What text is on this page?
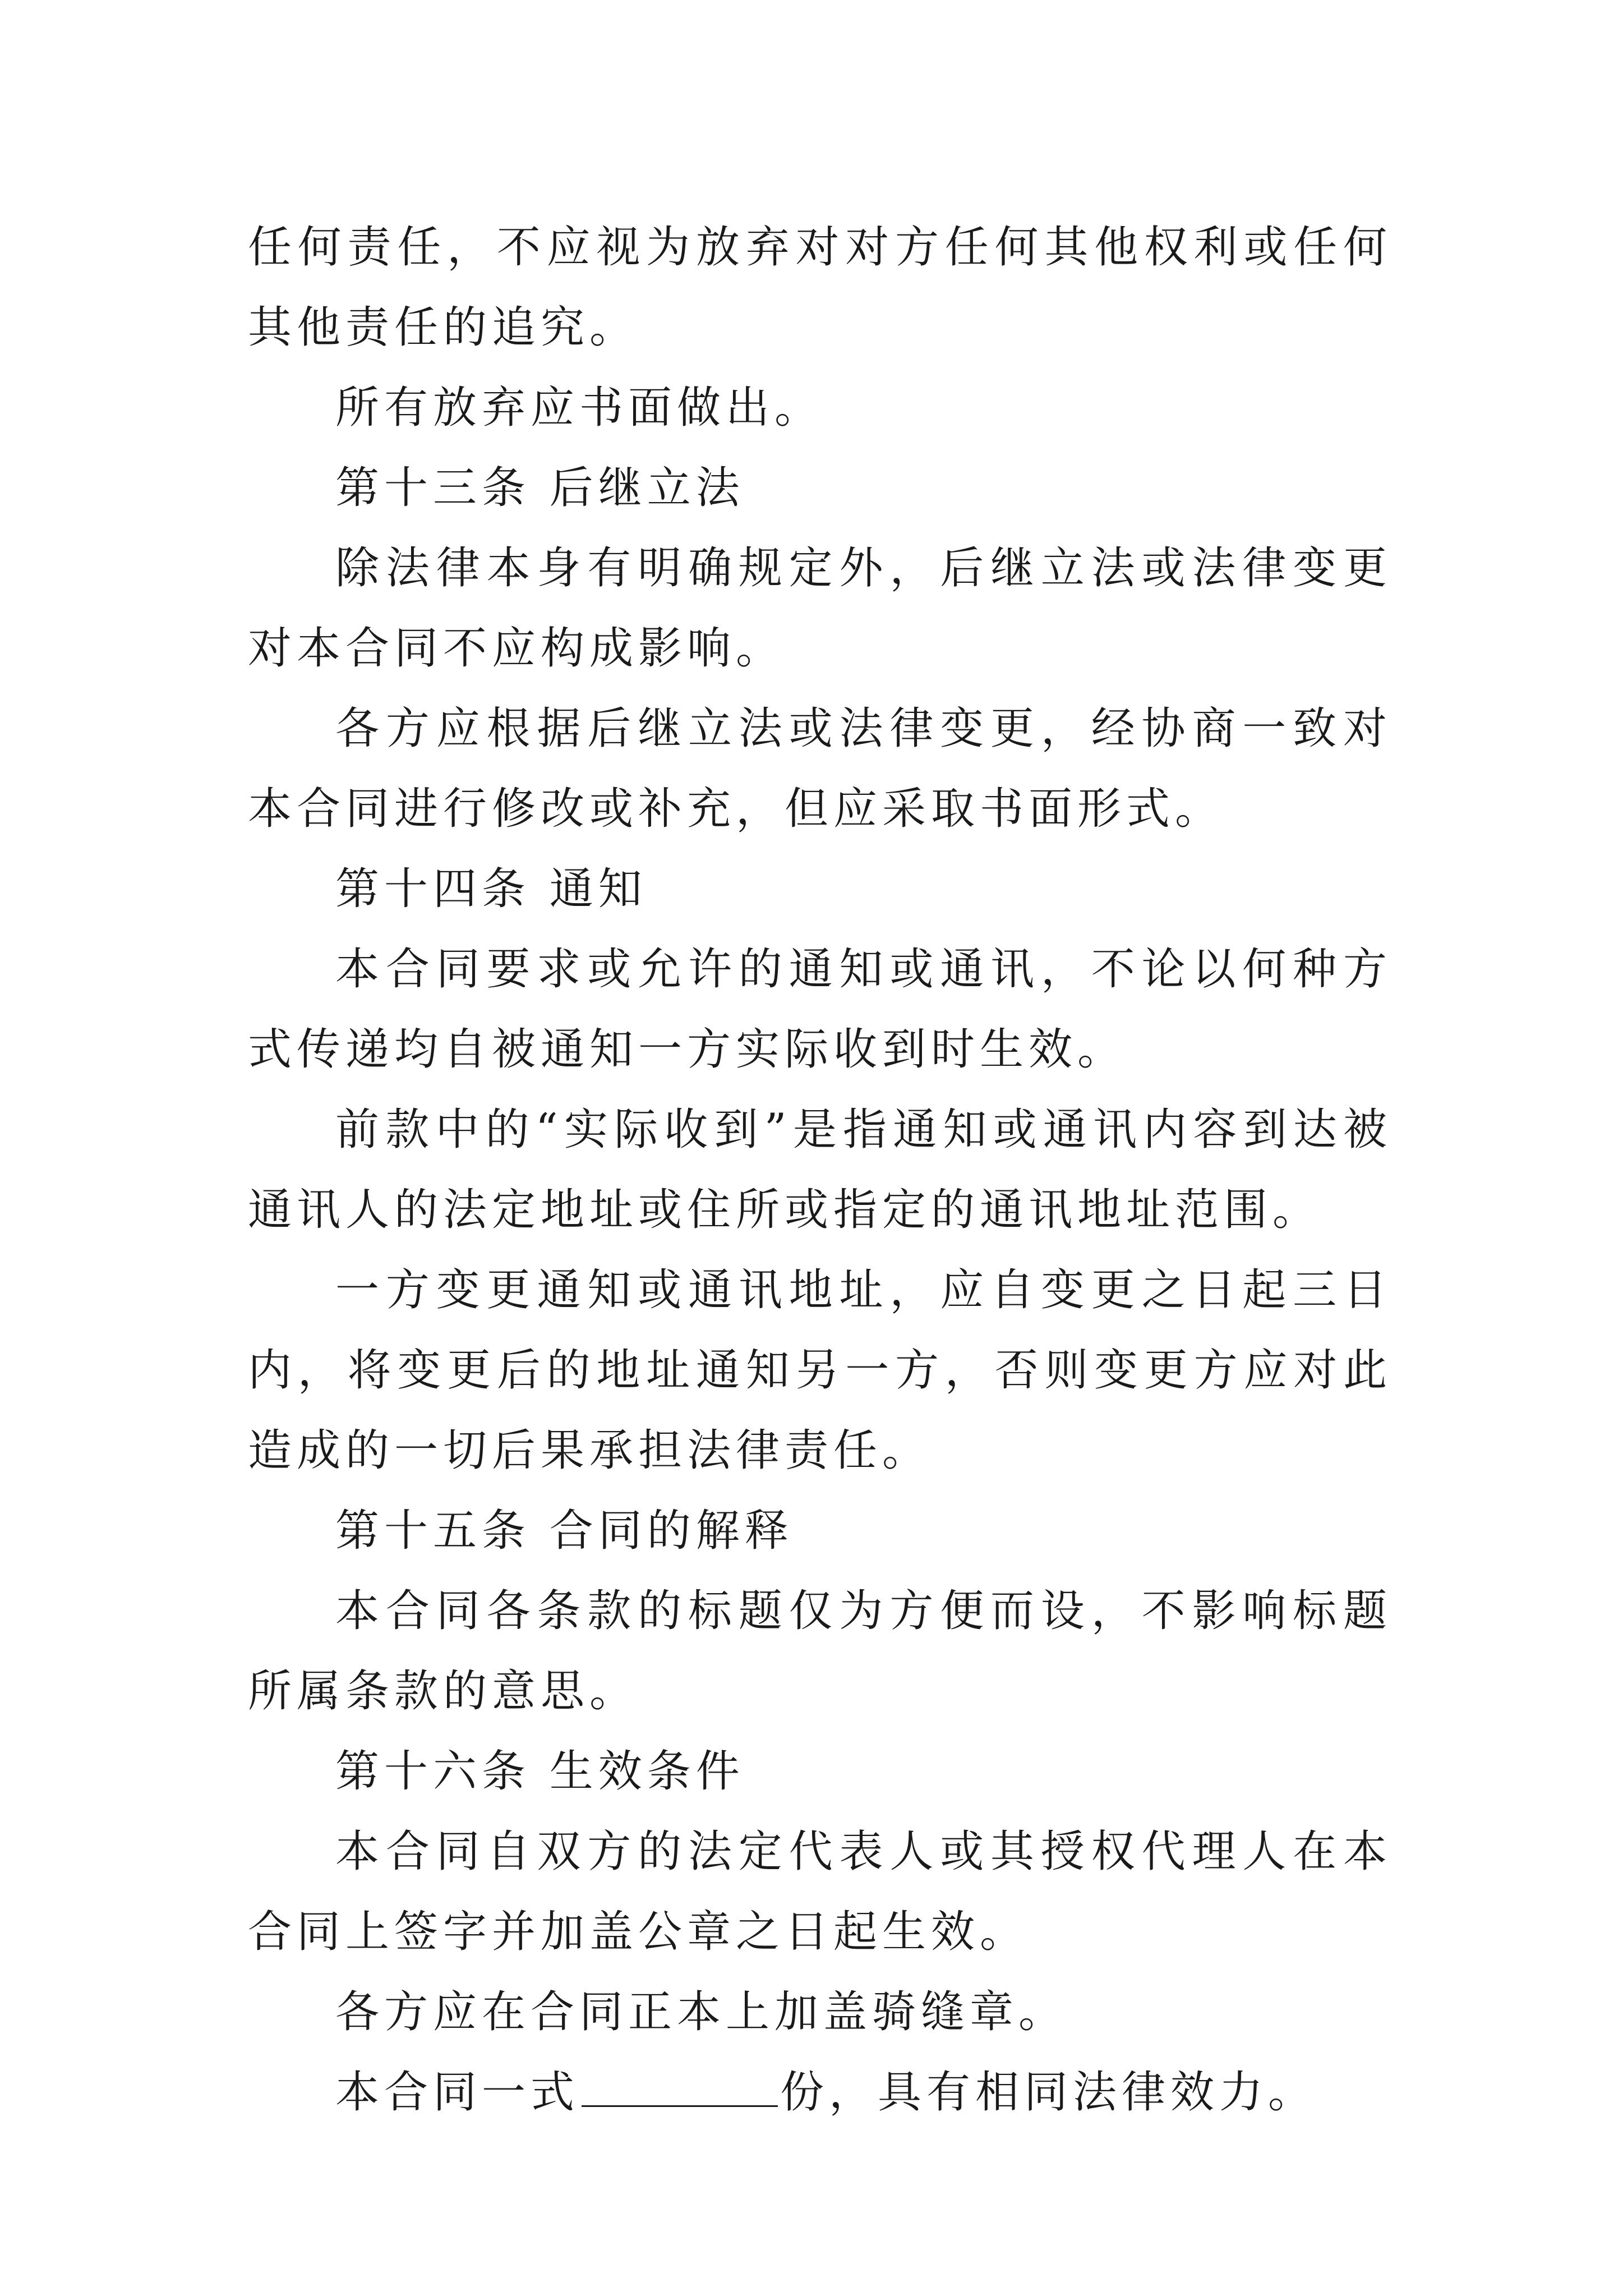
任何责任，不应视为放弃对对方任何其他权利或任何其他责任的追究。

所有放弃应书面做出。

第十三条 后继立法

除法律本身有明确规定外，后继立法或法律变更对本合同不应构成影响。

各方应根据后继立法或法律变更，经协商一致对本合同进行修改或补充，但应采取书面形式。

第十四条 通知

本合同要求或允许的通知或通讯，不论以何种方式传递均自被通知一方实际收到时生效。

前款中的“实际收到”是指通知或通讯内容到达被通讯人的法定地址或住所或指定的通讯地址范围。

一方变更通知或通讯地址，应自变更之日起三日内，将变更后的地址通知另一方，否则变更方应对此造成的一切后果承担法律责任。

第十五条 合同的解释

本合同各条款的标题仅为方便而设，不影响标题所属条款的意思。

第十六条 生效条件

本合同自双方的法定代表人或其授权代理人在本合同上签字并加盖公章之日起生效。

各方应在合同正本上加盖骑缝章。

本合同一式	份，具有相同法律效力。
